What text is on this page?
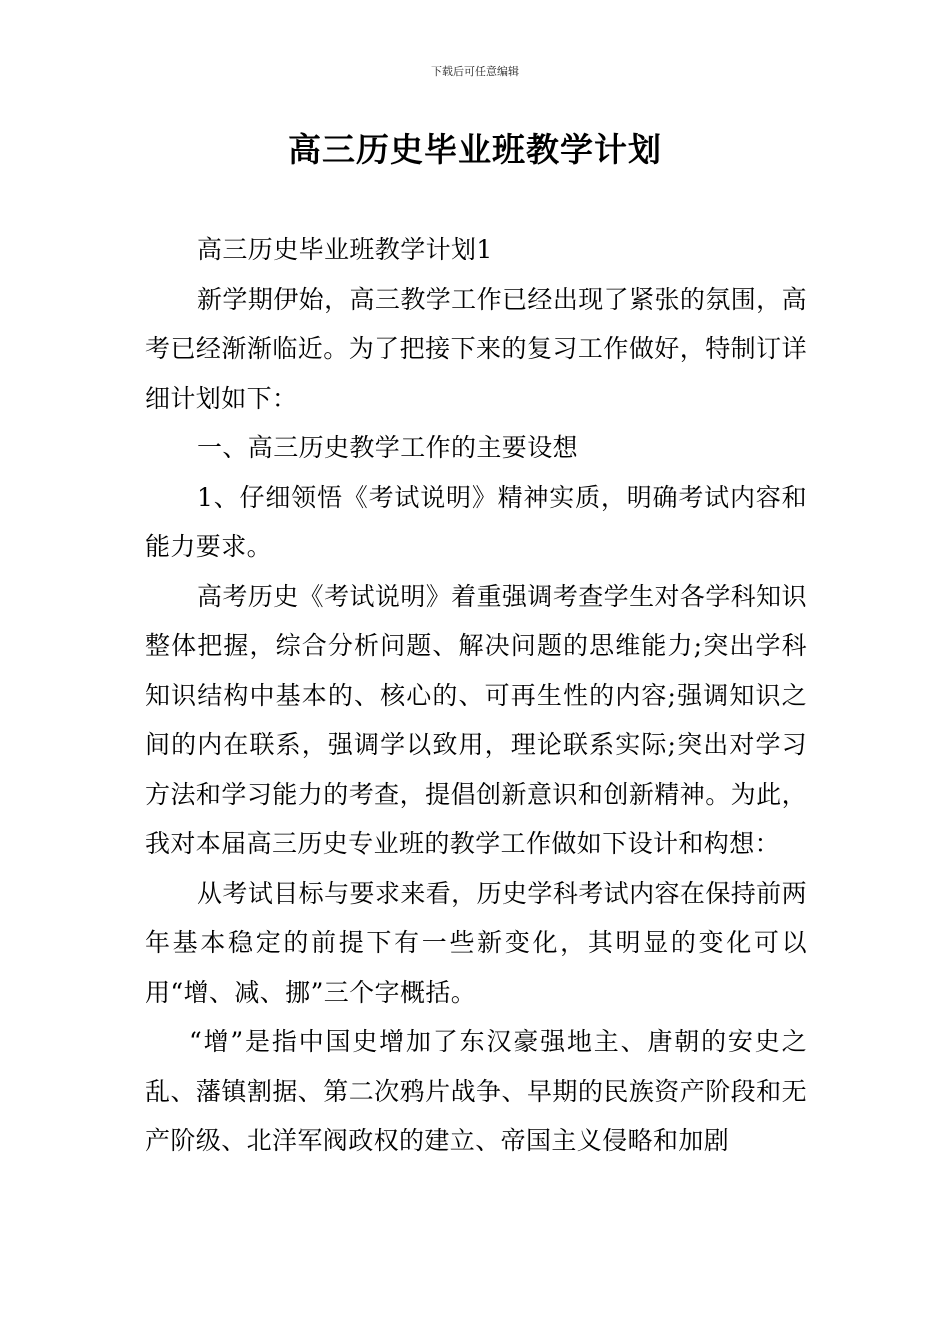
下载后可任意编辑
高三历史毕业班教学计划

高三历史毕业班教学计划1

新学期伊始，高三教学工作已经出现了紧张的氛围，高考已经渐渐临近。为了把接下来的复习工作做好，特制订详细计划如下：

一、高三历史教学工作的主要设想

1、仔细领悟《考试说明》精神实质，明确考试内容和能力要求。

高考历史《考试说明》着重强调考查学生对各学科知识整体把握，综合分析问题、解决问题的思维能力;突出学科知识结构中基本的、核心的、可再生性的内容;强调知识之间的内在联系，强调学以致用，理论联系实际;突出对学习方法和学习能力的考查，提倡创新意识和创新精神。为此，我对本届高三历史专业班的教学工作做如下设计和构想：

从考试目标与要求来看，历史学科考试内容在保持前两年基本稳定的前提下有一些新变化，其明显的变化可以用“增、减、挪”三个字概括。

“增”是指中国史增加了东汉豪强地主、唐朝的安史之乱、藩镇割据、第二次鸦片战争、早期的民族资产阶段和无产阶级、北洋军阀政权的建立、帝国主义侵略和加剧
